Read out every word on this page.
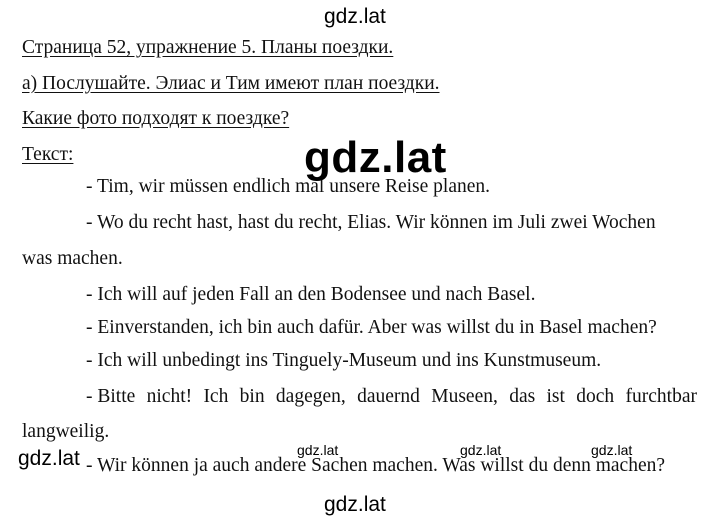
Страница 52, упражнение 5. Планы поездки.
а) Послушайте. Элиас и Тим имеют план поездки.
Какие фото подходят к поездке?
Текст:
- Tim, wir müssen endlich mal unsere Reise planen.
- Wo du recht hast, hast du recht, Elias. Wir können im Juli zwei Wochen
was machen.
- Ich will auf jeden Fall an den Bodensee und nach Basel.
- Einverstanden, ich bin auch dafür. Aber was willst du in Basel machen?
- Ich will unbedingt ins Tinguely-Museum und ins Kunstmuseum.
- Bitte nicht! Ich bin dagegen, dauernd Museen, das ist doch furchtbar
langweilig.
- Wir können ja auch andere Sachen machen. Was willst du denn machen?
gdz.lat
gdz.lat
gdz.lat	gdz.lat	gdz.lat
gdz.lat
gdz.lat
